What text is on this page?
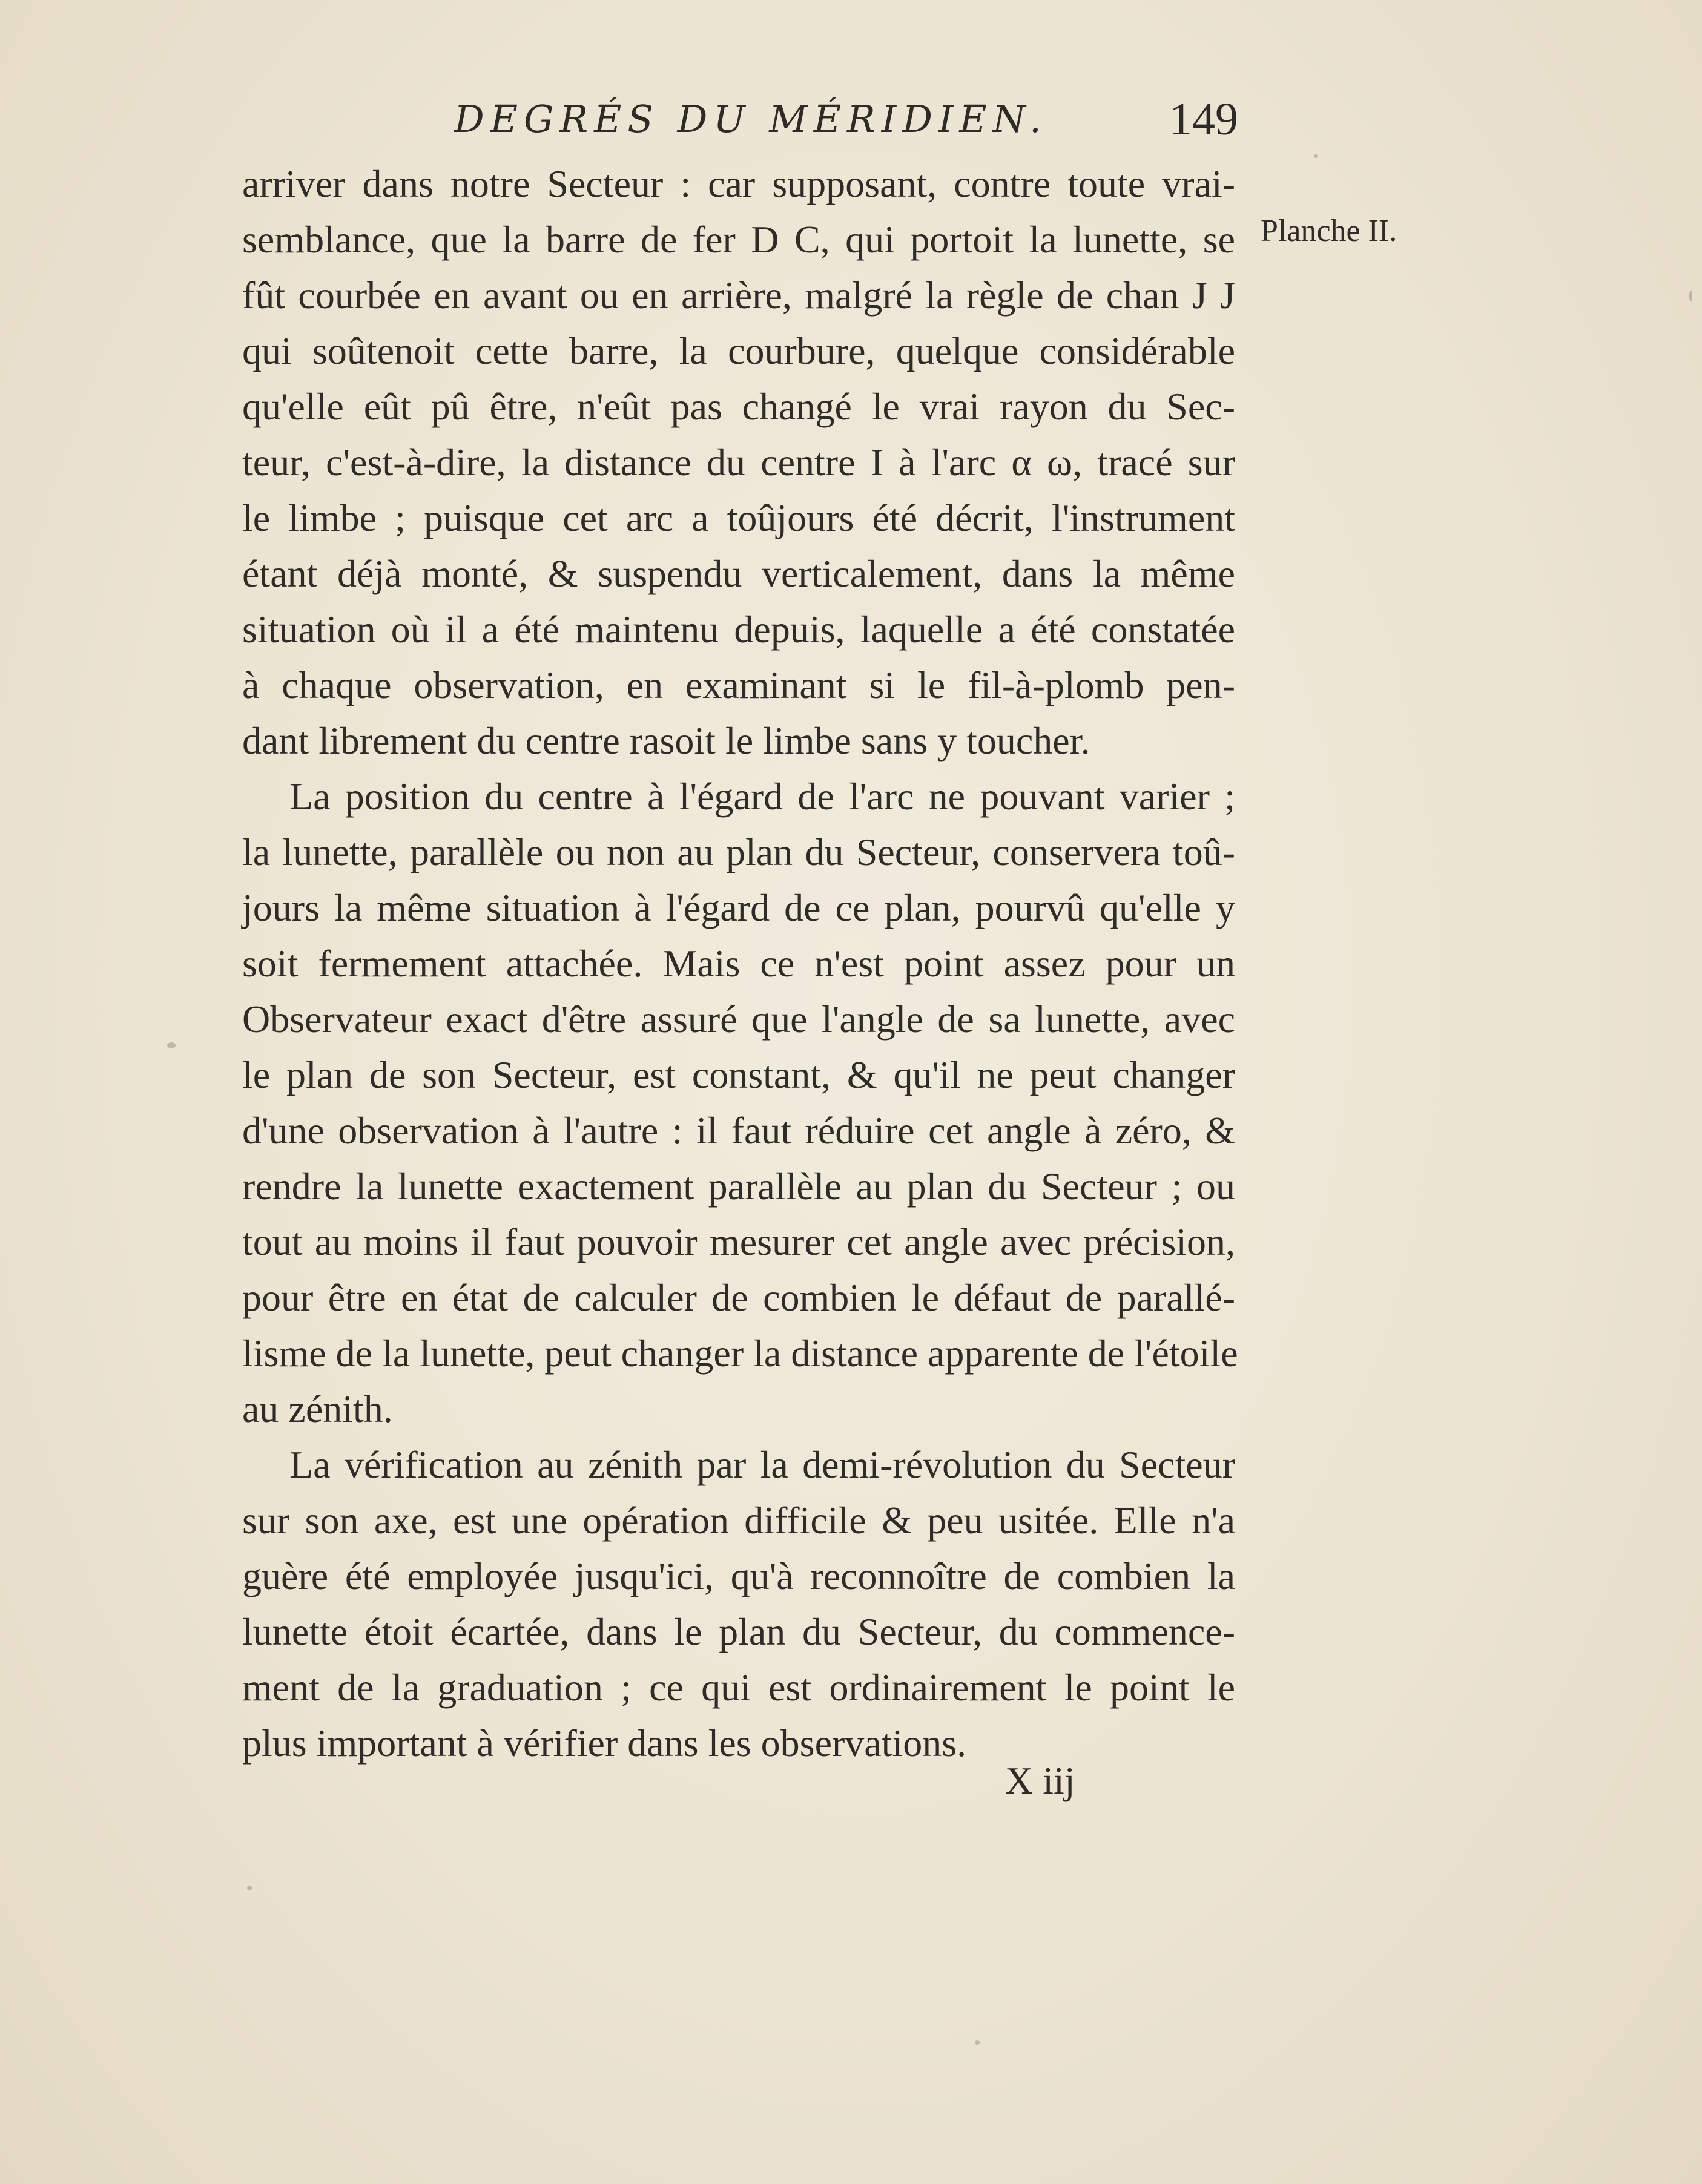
DEGRÉS DU MÉRIDIEN.	149
Planche II.
arriver dans notre Secteur : car supposant, contre toute vrai-
semblance, que la barre de fer D C, qui portoit la lunette, se
fût courbée en avant ou en arrière, malgré la règle de chan J J
qui soûtenoit cette barre, la courbure, quelque considérable
qu'elle eût pû être, n'eût pas changé le vrai rayon du Sec-
teur, c'est-à-dire, la distance du centre I à l'arc α ω, tracé sur
le limbe ; puisque cet arc a toûjours été décrit, l'instrument
étant déjà monté, & suspendu verticalement, dans la même
situation où il a été maintenu depuis, laquelle a été constatée
à chaque observation, en examinant si le fil-à-plomb pen-
dant librement du centre rasoit le limbe sans y toucher.
La position du centre à l'égard de l'arc ne pouvant varier ;
la lunette, parallèle ou non au plan du Secteur, conservera toû-
jours la même situation à l'égard de ce plan, pourvû qu'elle y
soit fermement attachée. Mais ce n'est point assez pour un
Observateur exact d'être assuré que l'angle de sa lunette, avec
le plan de son Secteur, est constant, & qu'il ne peut changer
d'une observation à l'autre : il faut réduire cet angle à zéro, &
rendre la lunette exactement parallèle au plan du Secteur ; ou
tout au moins il faut pouvoir mesurer cet angle avec précision,
pour être en état de calculer de combien le défaut de parallé-
lisme de la lunette, peut changer la distance apparente de l'étoile
au zénith.
La vérification au zénith par la demi-révolution du Secteur
sur son axe, est une opération difficile & peu usitée. Elle n'a
guère été employée jusqu'ici, qu'à reconnoître de combien la
lunette étoit écartée, dans le plan du Secteur, du commence-
ment de la graduation ; ce qui est ordinairement le point le
plus important à vérifier dans les observations.
X iij
